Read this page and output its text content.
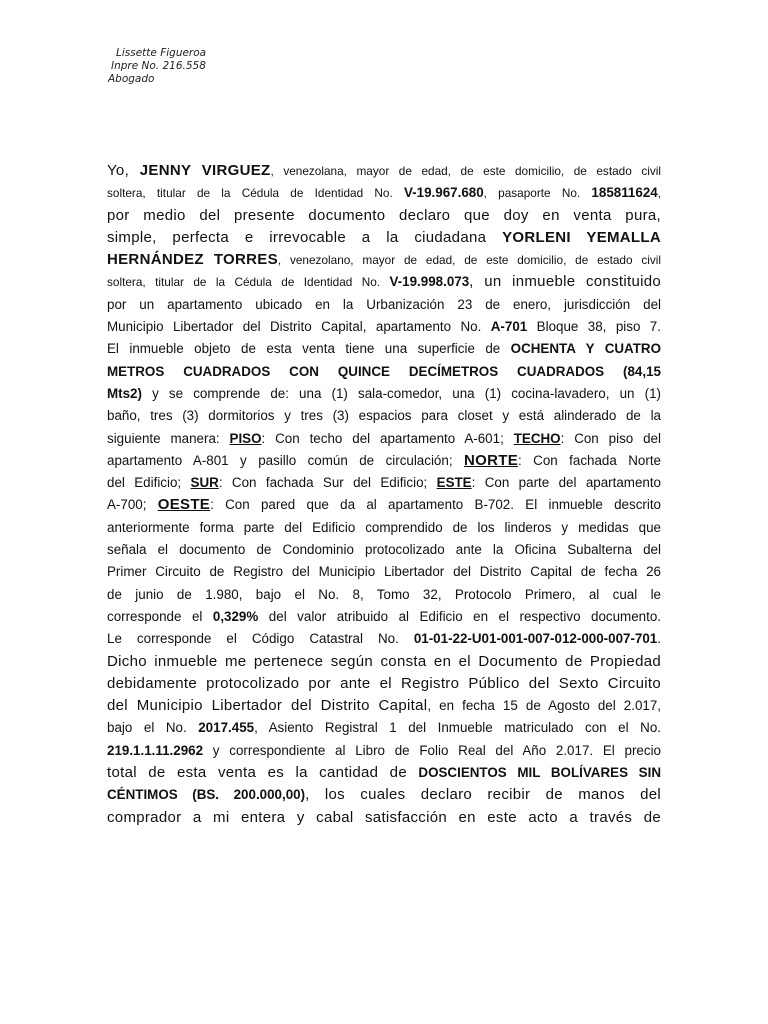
Lissette Figueroa
Inpre No. 216.558
Abogado
Yo, JENNY VIRGUEZ, venezolana, mayor de edad, de este domicilio, de estado civil
soltera, titular de la Cédula de Identidad No. V-19.967.680, pasaporte No. 185811624,
por medio del presente documento declaro que doy en venta pura,
simple, perfecta e irrevocable a la ciudadana YORLENI YEMALLA
HERNÁNDEZ TORRES, venezolano, mayor de edad, de este domicilio, de estado civil
soltera, titular de la Cédula de Identidad No. V-19.998.073, un inmueble constituido
por un apartamento ubicado en la Urbanización 23 de enero, jurisdicción del
Municipio Libertador del Distrito Capital, apartamento No. A-701 Bloque 38, piso 7.
El inmueble objeto de esta venta tiene una superficie de OCHENTA Y CUATRO
METROS CUADRADOS CON QUINCE DECÍMETROS CUADRADOS (84,15
Mts2) y se comprende de: una (1) sala-comedor, una (1) cocina-lavadero, un (1)
baño, tres (3) dormitorios y tres (3) espacios para closet y está alinderado de la
siguiente manera: PISO: Con techo del apartamento A-601; TECHO: Con piso del
apartamento A-801 y pasillo común de circulación; NORTE: Con fachada Norte
del Edificio; SUR: Con fachada Sur del Edificio; ESTE: Con parte del apartamento
A-700; OESTE: Con pared que da al apartamento B-702. El inmueble descrito
anteriormente forma parte del Edificio comprendido de los linderos y medidas que
señala el documento de Condominio protocolizado ante la Oficina Subalterna del
Primer Circuito de Registro del Municipio Libertador del Distrito Capital de fecha 26
de junio de 1.980, bajo el No. 8, Tomo 32, Protocolo Primero, al cual le
corresponde el 0,329% del valor atribuido al Edificio en el respectivo documento.
Le corresponde el Código Catastral No. 01-01-22-U01-001-007-012-000-007-701.
Dicho inmueble me pertenece según consta en el Documento de Propiedad
debidamente protocolizado por ante el Registro Público del Sexto Circuito
del Municipio Libertador del Distrito Capital, en fecha 15 de Agosto del 2.017,
bajo el No. 2017.455, Asiento Registral 1 del Inmueble matriculado con el No.
219.1.1.11.2962 y correspondiente al Libro de Folio Real del Año 2.017. El precio
total de esta venta es la cantidad de DOSCIENTOS MIL BOLÍVARES SIN
CÉNTIMOS (BS. 200.000,00), los cuales declaro recibir de manos del
comprador a mi entera y cabal satisfacción en este acto a través de
